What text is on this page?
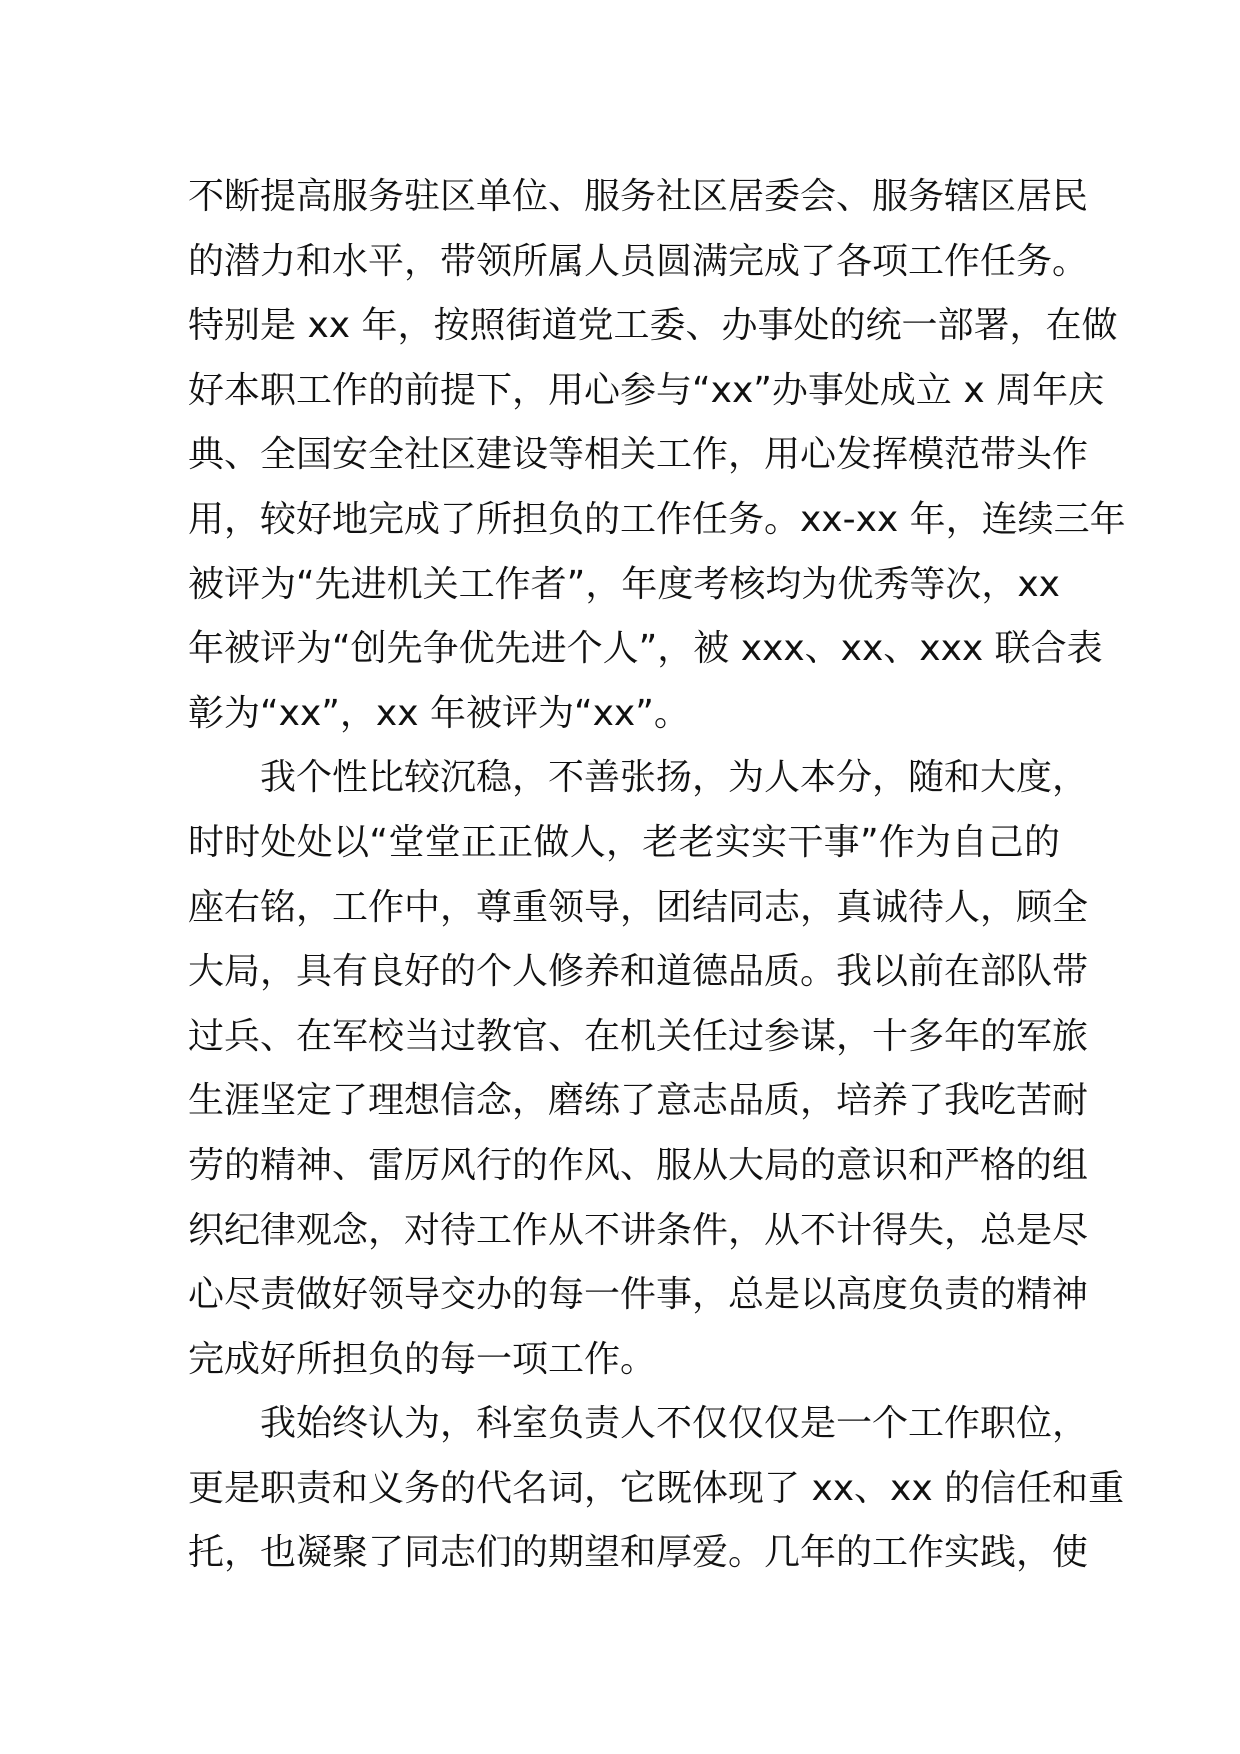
不断提高服务驻区单位、服务社区居委会、服务辖区居民
的潜力和水平，带领所属人员圆满完成了各项工作任务。
特别是 xx 年，按照街道党工委、办事处的统一部署，在做
好本职工作的前提下，用心参与“xx”办事处成立 x 周年庆
典、全国安全社区建设等相关工作，用心发挥模范带头作
用，较好地完成了所担负的工作任务。xx-xx 年，连续三年
被评为“先进机关工作者”，年度考核均为优秀等次，xx
年被评为“创先争优先进个人”，被 xxx、xx、xxx 联合表
彰为“xx”，xx 年被评为“xx”。
我个性比较沉稳，不善张扬，为人本分，随和大度，
时时处处以“堂堂正正做人，老老实实干事”作为自己的
座右铭，工作中，尊重领导，团结同志，真诚待人，顾全
大局，具有良好的个人修养和道德品质。我以前在部队带
过兵、在军校当过教官、在机关任过参谋，十多年的军旅
生涯坚定了理想信念，磨练了意志品质，培养了我吃苦耐
劳的精神、雷厉风行的作风、服从大局的意识和严格的组
织纪律观念，对待工作从不讲条件，从不计得失，总是尽
心尽责做好领导交办的每一件事，总是以高度负责的精神
完成好所担负的每一项工作。
我始终认为，科室负责人不仅仅仅是一个工作职位，
更是职责和义务的代名词，它既体现了 xx、xx 的信任和重
托，也凝聚了同志们的期望和厚爱。几年的工作实践，使
